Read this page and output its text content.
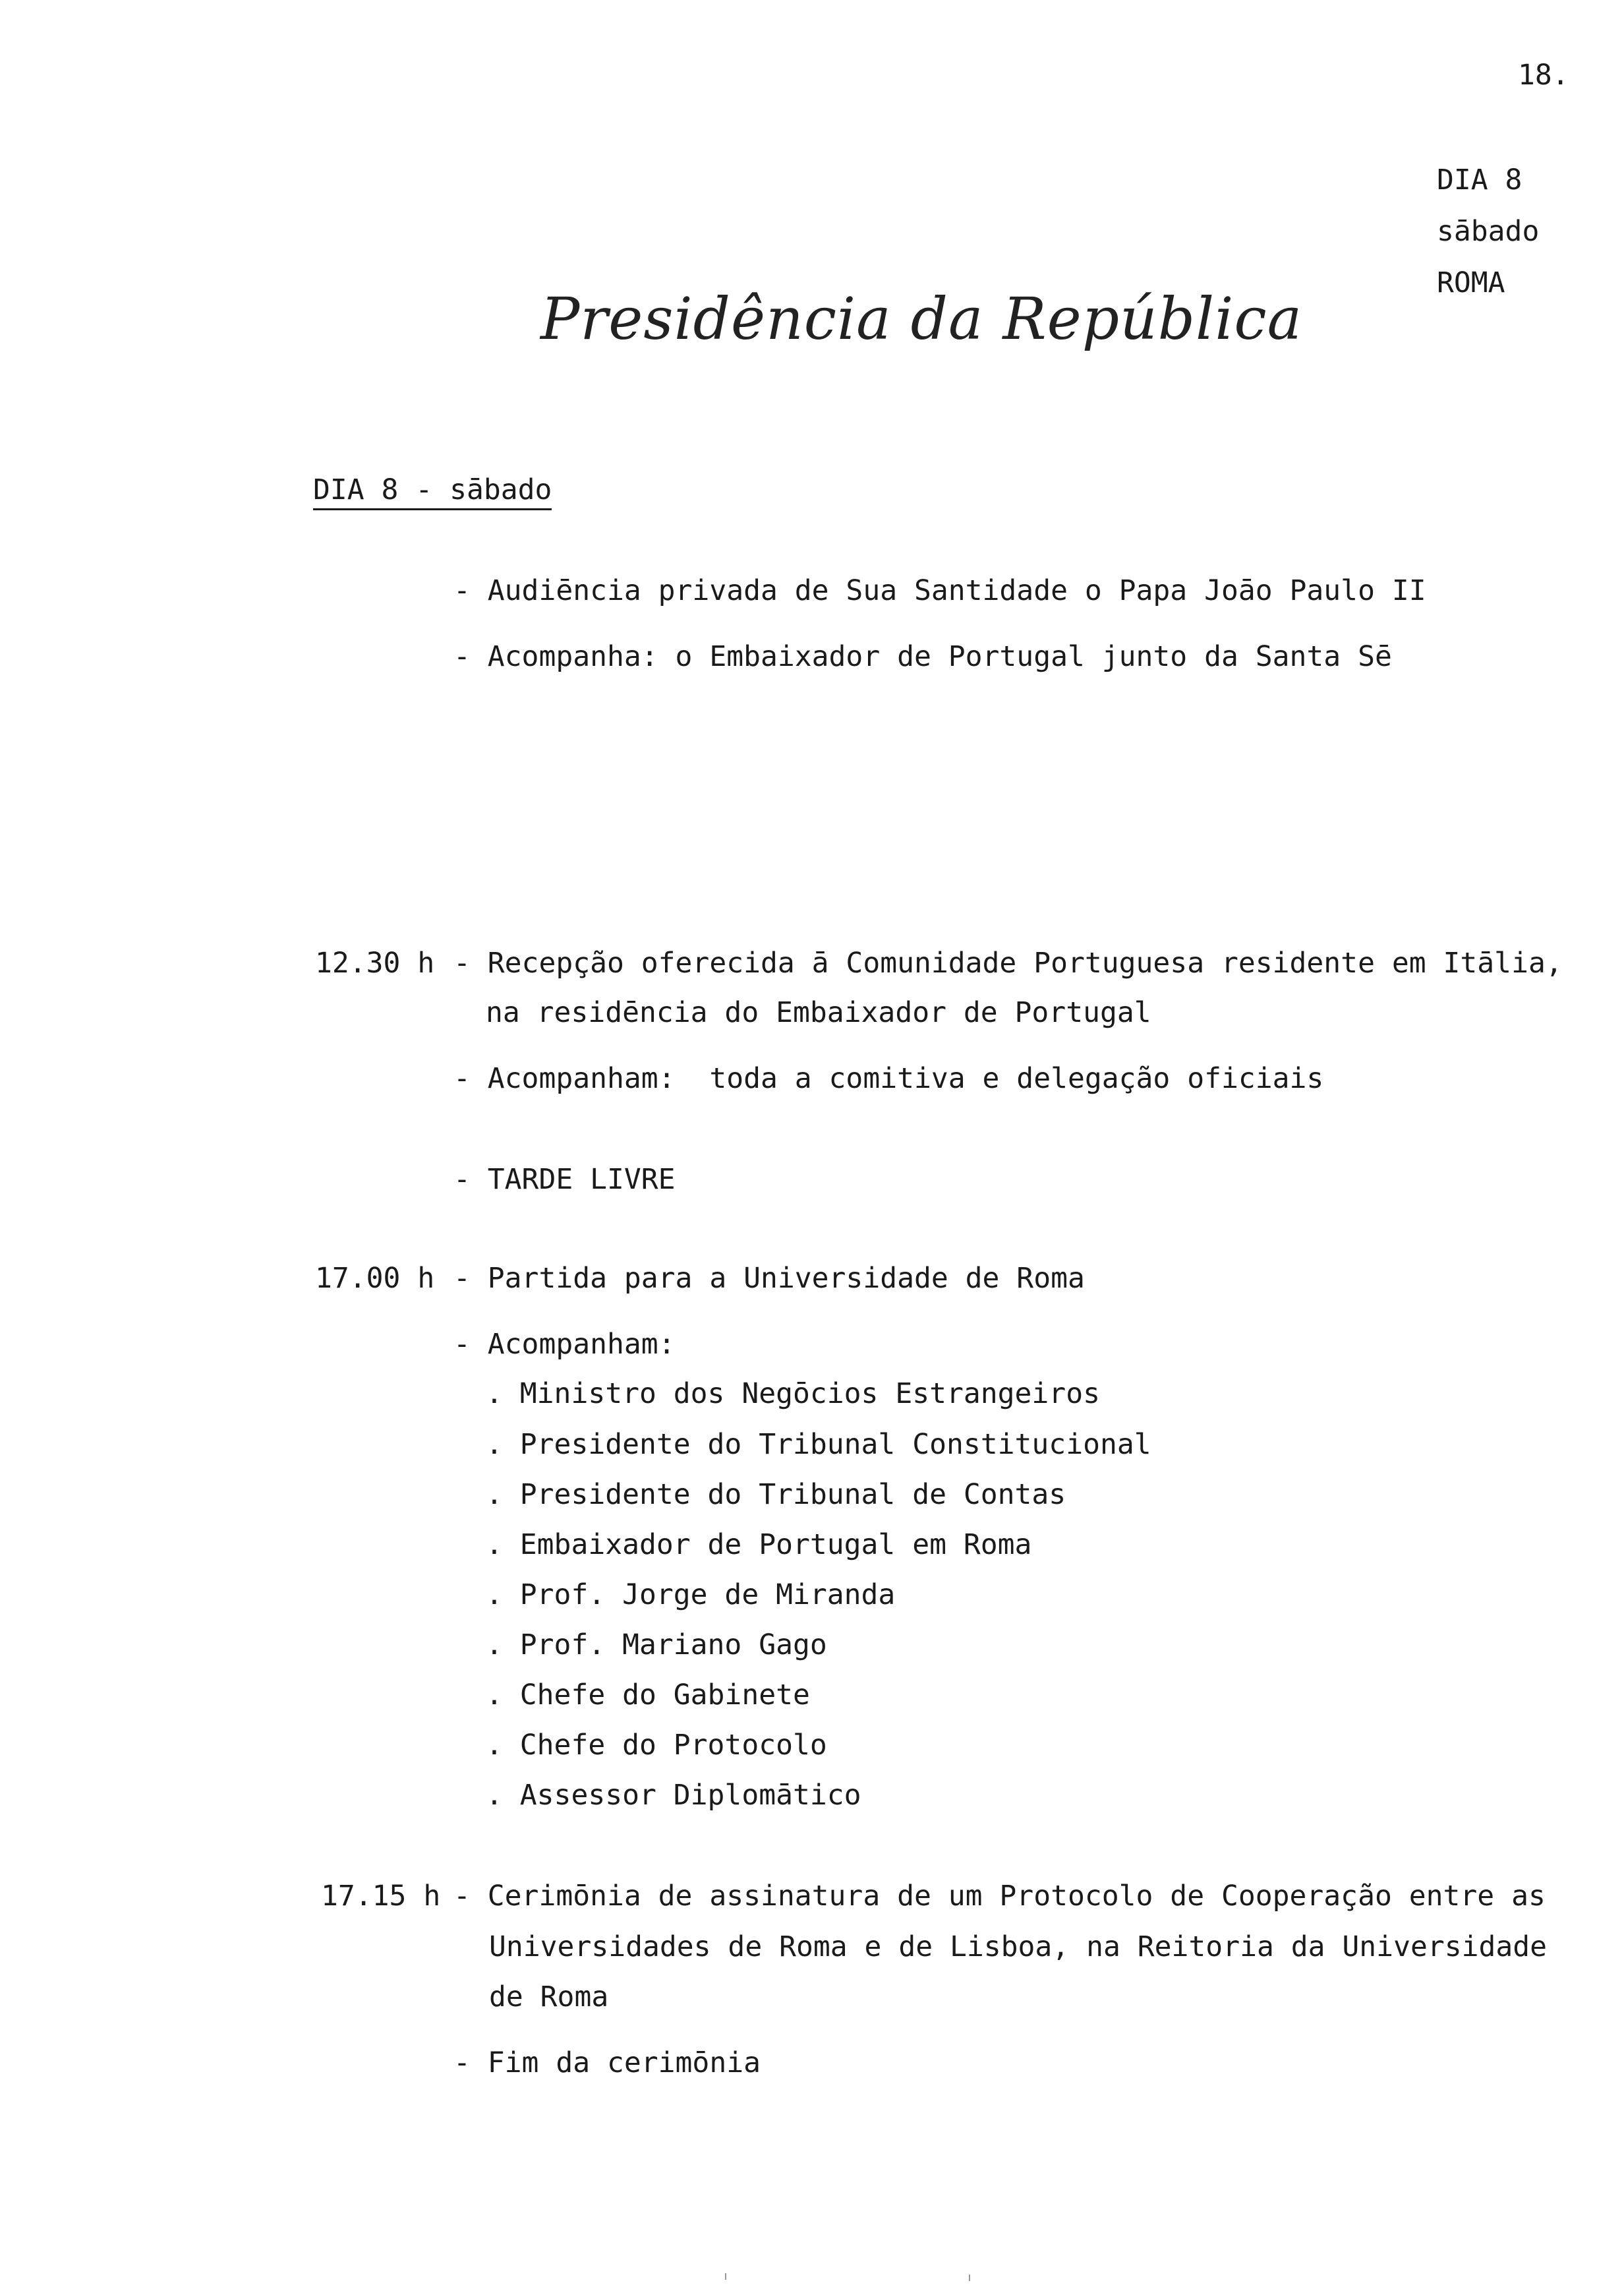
18.
DIA 8
sābado
ROMA
Presidência da República
DIA 8 - sābado
- Audiēncia privada de Sua Santidade o Papa Joāo Paulo II
- Acompanha: o Embaixador de Portugal junto da Santa Sē
12.30 h - Recepção oferecida ā Comunidade Portuguesa residente em Itālia,
na residēncia do Embaixador de Portugal
- Acompanham:  toda a comitiva e delegação oficiais
- TARDE LIVRE
17.00 h - Partida para a Universidade de Roma
- Acompanham:
. Ministro dos Negōcios Estrangeiros
. Presidente do Tribunal Constitucional
. Presidente do Tribunal de Contas
. Embaixador de Portugal em Roma
. Prof. Jorge de Miranda
. Prof. Mariano Gago
. Chefe do Gabinete
. Chefe do Protocolo
. Assessor Diplomātico
17.15 h - Cerimōnia de assinatura de um Protocolo de Cooperação entre as
Universidades de Roma e de Lisboa, na Reitoria da Universidade
de Roma
- Fim da cerimōnia
